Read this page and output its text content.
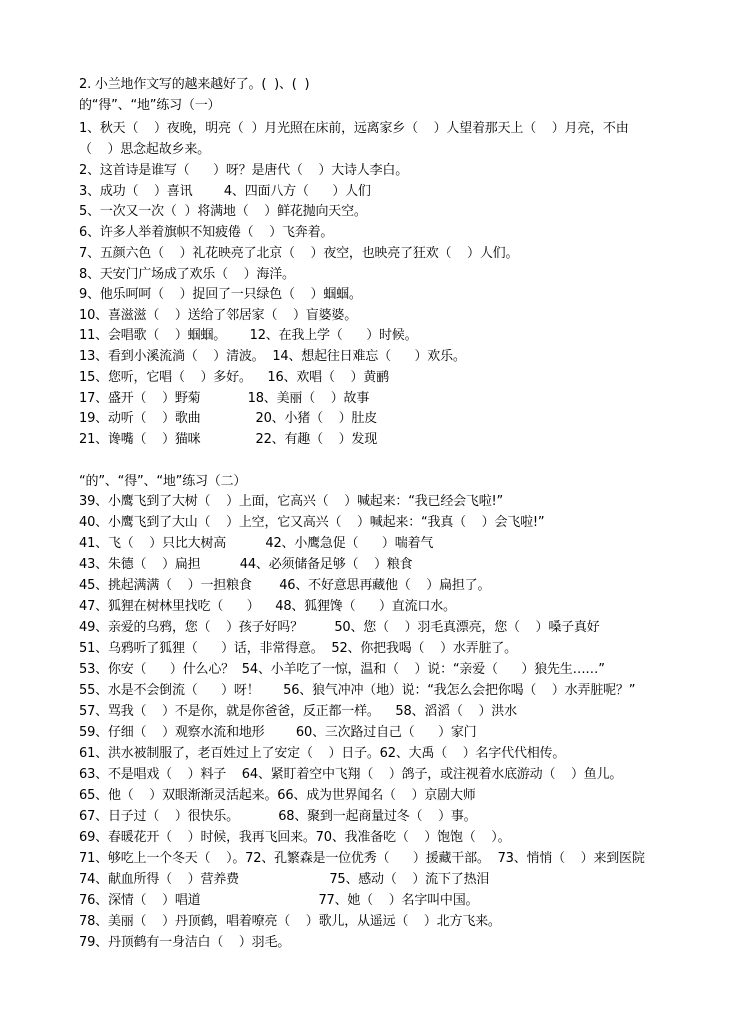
2. 小兰地作文写的越来越好了。(  )、(  )
的“得”、“地”练习（一）
1、秋天（    ）夜晚，明亮（  ）月光照在床前，远离家乡（    ）人望着那天上（    ）月亮，不由
（    ）思念起故乡来。
2、这首诗是谁写（      ）呀？是唐代（    ）大诗人李白。
3、成功（    ）喜讯        4、四面八方（      ）人们
5、一次又一次（  ）将满地（    ）鲜花抛向天空。
6、许多人举着旗帜不知疲倦（    ）飞奔着。
7、五颜六色（    ）礼花映亮了北京（    ）夜空，也映亮了狂欢（    ）人们。
8、天安门广场成了欢乐（    ）海洋。
9、他乐呵呵（    ）捉回了一只绿色（    ）蝈蝈。
10、喜滋滋（    ）送给了邻居家（    ）盲婆婆。
11、会唱歌（    ）蝈蝈。      12、在我上学（      ）时候。
13、看到小溪流淌（    ）清波。  14、想起往日难忘（      ）欢乐。
15、您听，它唱（    ）多好。    16、欢唱（    ）黄鹂
17、盛开（    ）野菊            18、美丽（    ）故事
19、动听（    ）歌曲              20、小猪（    ）肚皮
21、谗嘴（    ）猫咪              22、有趣（    ）发现
“的”、“得”、“地”练习（二）
39、小鹰飞到了大树（    ）上面，它高兴（    ）喊起来：“我已经会飞啦!”
40、小鹰飞到了大山（    ）上空，它又高兴（    ）喊起来：“我真（    ）会飞啦!”
41、飞（    ）只比大树高          42、小鹰急促（      ）喘着气
43、朱德（    ）扁担          44、必须储备足够（    ）粮食
45、挑起满满（    ）一担粮食       46、不好意思再藏他（    ）扁担了。
47、狐狸在树林里找吃（      ）    48、狐狸馋（      ）直流口水。
49、亲爱的乌鸦，您（    ）孩子好吗？        50、您（    ）羽毛真漂亮，您（    ）嗓子真好
51、乌鸦听了狐狸（      ）话，非常得意。  52、你把我喝（    ）水弄脏了。
53、你安（      ）什么心？  54、小羊吃了一惊，温和（    ）说：“亲爱（      ）狼先生……”
55、水是不会倒流（      ）呀！      56、狼气冲冲（地）说：“我怎么会把你喝（    ）水弄脏呢？”
57、骂我（    ）不是你，就是你爸爸，反正都一样。    58、滔滔（    ）洪水
59、仔细（    ）观察水流和地形        60、三次路过自己（      ）家门
61、洪水被制服了，老百姓过上了安定（    ）日子。62、大禹（    ）名字代代相传。
63、不是唱戏（    ）料子    64、紧盯着空中飞翔（    ）鸽子，或注视着水底游动（    ）鱼儿。
65、他（    ）双眼渐渐灵活起来。66、成为世界闻名（    ）京剧大师
67、日子过（    ）很快乐。          68、聚到一起商量过冬（    ）事。
69、春暖花开（    ）时候，我再飞回来。70、我准备吃（    ）饱饱（    ）。
71、够吃上一个冬天（    ）。72、孔繁森是一位优秀（      ）援藏干部。  73、悄悄（    ）来到医院
74、献血所得（    ）营养费                       75、感动（    ）流下了热泪
76、深情（    ）唱道                              77、她（    ）名字叫中国。
78、美丽（    ）丹顶鹤，唱着嘹亮（    ）歌儿，从遥远（    ）北方飞来。
79、丹顶鹤有一身洁白（    ）羽毛。
